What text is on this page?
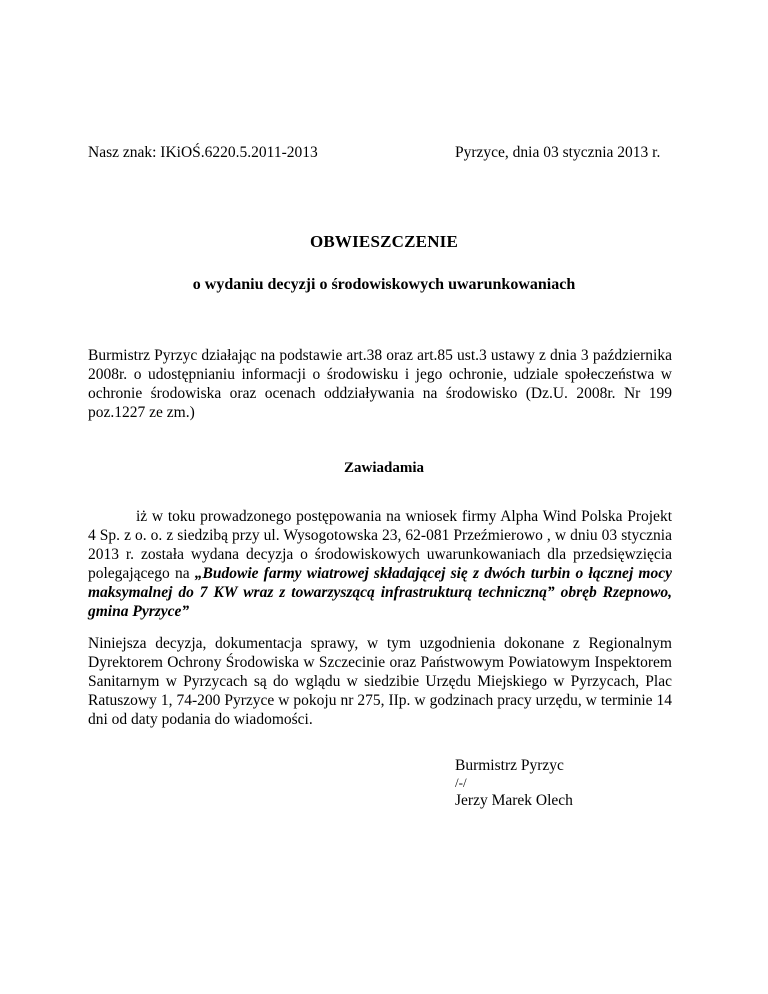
Nasz znak: IKiOŚ.6220.5.2011-2013	Pyrzyce, dnia 03 stycznia 2013 r.
OBWIESZCZENIE
o wydaniu decyzji o środowiskowych uwarunkowaniach
Burmistrz Pyrzyc działając na podstawie art.38 oraz art.85 ust.3 ustawy z dnia 3 października 2008r. o udostępnianiu informacji o środowisku i jego ochronie, udziale społeczeństwa w ochronie środowiska oraz ocenach oddziaływania na środowisko (Dz.U. 2008r. Nr 199 poz.1227 ze zm.)
Zawiadamia
iż w toku prowadzonego postępowania na wniosek firmy Alpha Wind Polska Projekt 4 Sp. z o. o. z siedzibą przy ul. Wysogotowska 23, 62-081 Przeźmierowo , w dniu 03 stycznia 2013 r. została wydana decyzja o środowiskowych uwarunkowaniach dla przedsięwzięcia polegającego na „Budowie farmy wiatrowej składającej się z dwóch turbin o łącznej mocy maksymalnej do 7 KW wraz z towarzyszącą infrastrukturą techniczną” obręb Rzepnowo, gmina Pyrzyce”
Niniejsza decyzja, dokumentacja sprawy, w tym uzgodnienia dokonane z Regionalnym Dyrektorem Ochrony Środowiska w Szczecinie oraz Państwowym Powiatowym Inspektorem Sanitarnym w Pyrzycach są do wglądu w siedzibie Urzędu Miejskiego w Pyrzycach, Plac Ratuszowy 1, 74-200 Pyrzyce w pokoju nr 275, IIp. w godzinach pracy urzędu, w terminie 14 dni od daty podania do wiadomości.
Burmistrz Pyrzyc
/-/
Jerzy Marek Olech
